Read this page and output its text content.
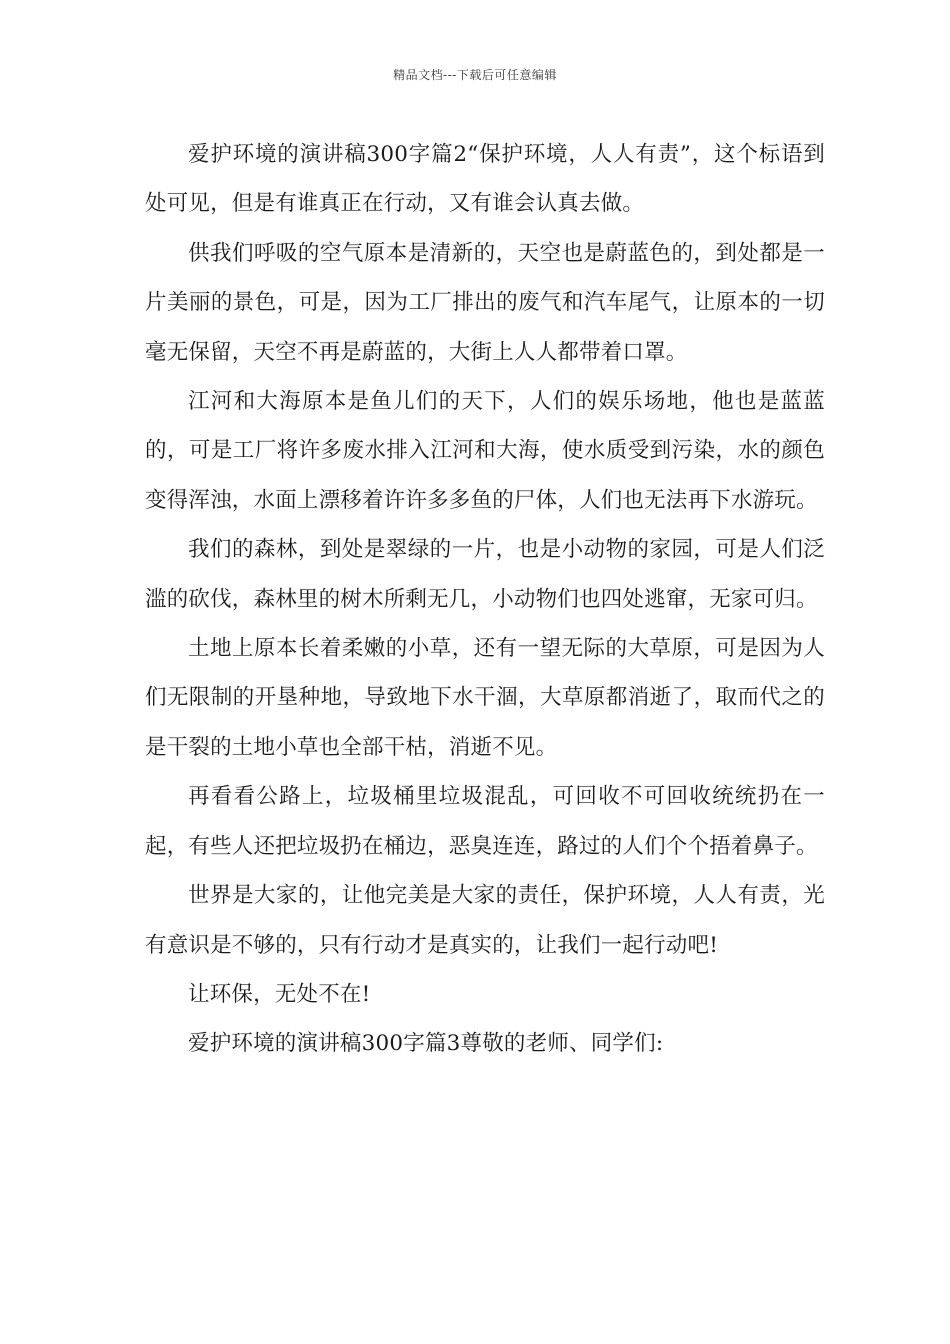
精品文档---下载后可任意编辑

爱护环境的演讲稿300字篇2“保护环境，人人有责”，这个标语到处可见，但是有谁真正在行动，又有谁会认真去做。

供我们呼吸的空气原本是清新的，天空也是蔚蓝色的，到处都是一片美丽的景色，可是，因为工厂排出的废气和汽车尾气，让原本的一切毫无保留，天空不再是蔚蓝的，大街上人人都带着口罩。

江河和大海原本是鱼儿们的天下，人们的娱乐场地，他也是蓝蓝的，可是工厂将许多废水排入江河和大海，使水质受到污染，水的颜色变得浑浊，水面上漂移着许许多多鱼的尸体，人们也无法再下水游玩。

我们的森林，到处是翠绿的一片，也是小动物的家园，可是人们泛滥的砍伐，森林里的树木所剩无几，小动物们也四处逃窜，无家可归。

土地上原本长着柔嫩的小草，还有一望无际的大草原，可是因为人们无限制的开垦种地，导致地下水干涸，大草原都消逝了，取而代之的是干裂的土地小草也全部干枯，消逝不见。

再看看公路上，垃圾桶里垃圾混乱，可回收不可回收统统扔在一起，有些人还把垃圾扔在桶边，恶臭连连，路过的人们个个捂着鼻子。

世界是大家的，让他完美是大家的责任，保护环境，人人有责，光有意识是不够的，只有行动才是真实的，让我们一起行动吧!

让环保，无处不在!

爱护环境的演讲稿300字篇3尊敬的老师、同学们:
